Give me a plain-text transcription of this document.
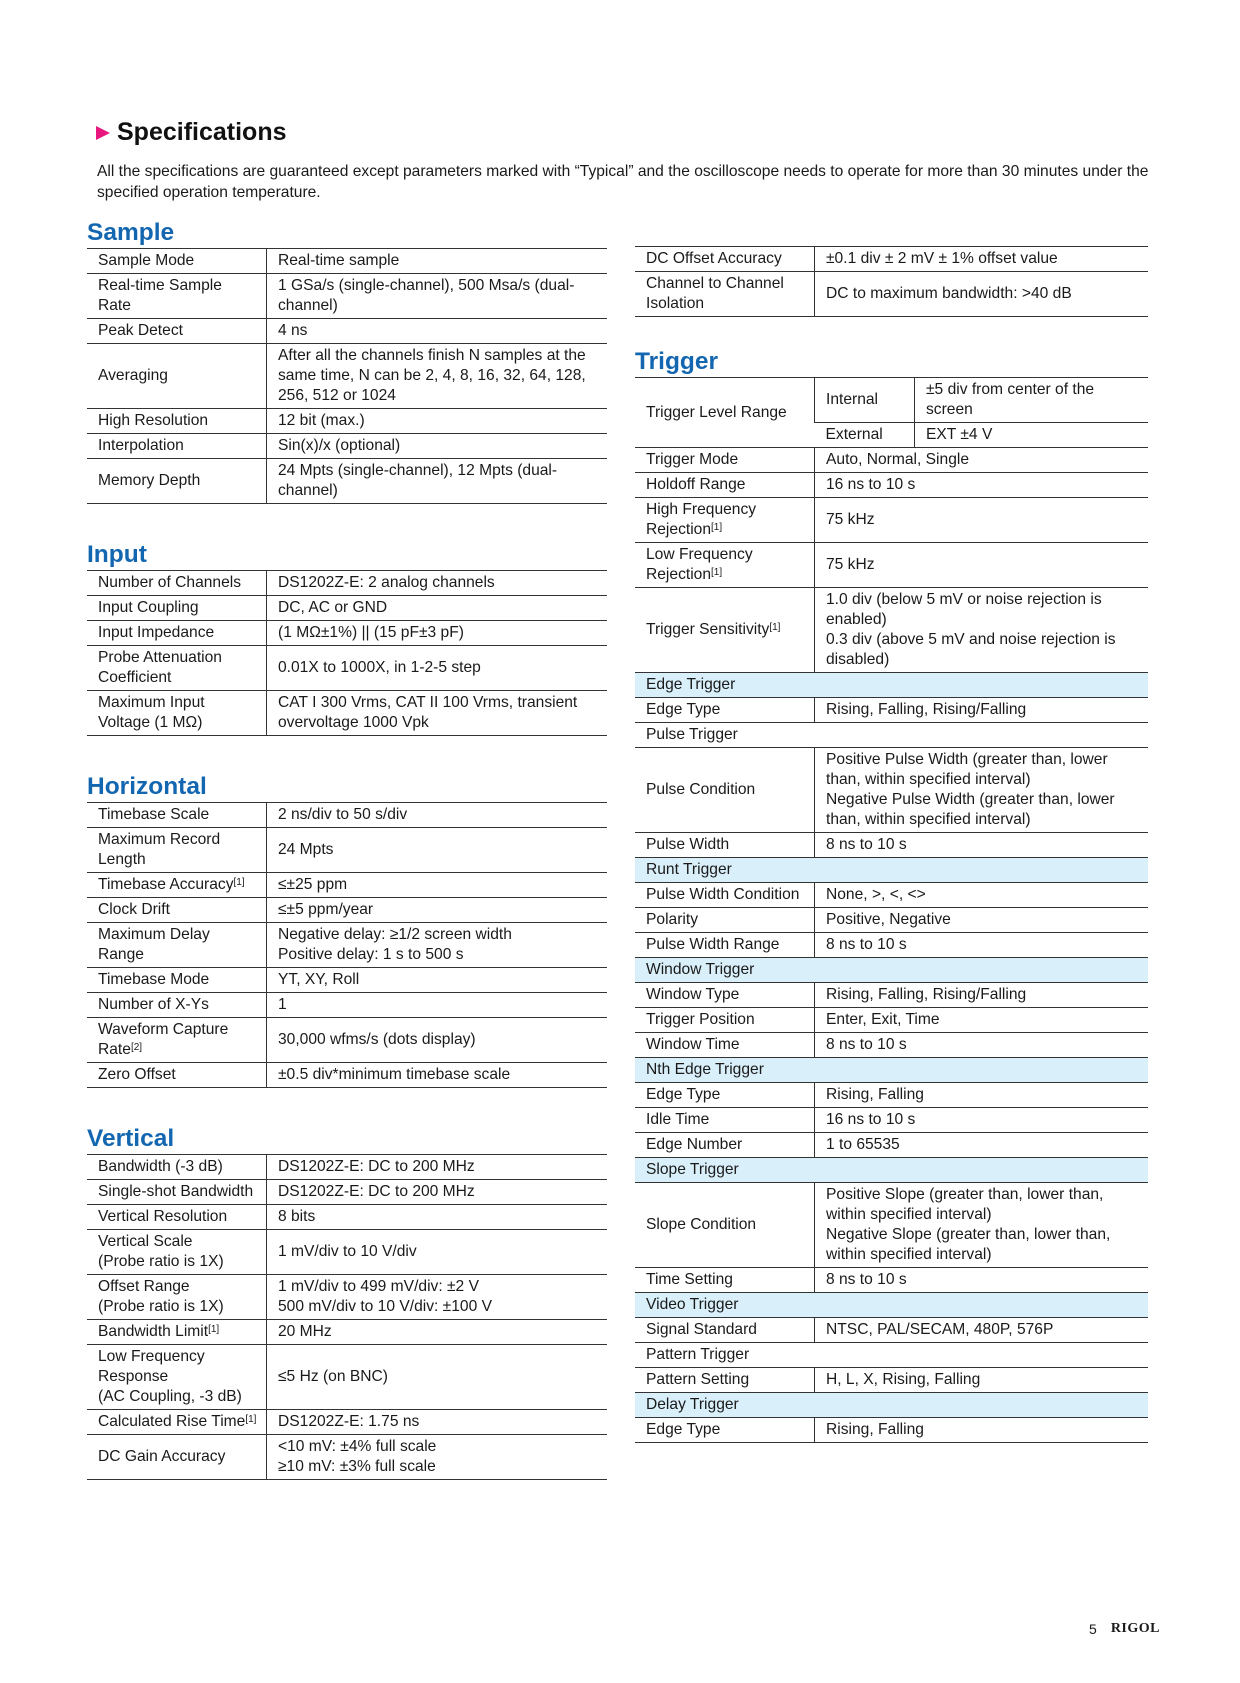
Specifications
All the specifications are guaranteed except parameters marked with “Typical” and the oscilloscope needs to operate for more than 30 minutes under the specified operation temperature.
Sample
Sample Mode	Real-time sample
Real-time Sample Rate	1 GSa/s (single-channel), 500 Msa/s (dual-channel)
Peak Detect	4 ns
Averaging	After all the channels finish N samples at the same time, N can be 2, 4, 8, 16, 32, 64, 128, 256, 512 or 1024
High Resolution	12 bit (max.)
Interpolation	Sin(x)/x (optional)
Memory Depth	24 Mpts (single-channel), 12 Mpts (dual-channel)
Input
Number of Channels	DS1202Z-E: 2 analog channels
Input Coupling	DC, AC or GND
Input Impedance	(1 MΩ±1%) || (15 pF±3 pF)
Probe Attenuation Coefficient	0.01X to 1000X, in 1-2-5 step
Maximum Input Voltage (1 MΩ)	CAT I 300 Vrms, CAT II 100 Vrms, transient overvoltage 1000 Vpk
Horizontal
Timebase Scale	2 ns/div to 50 s/div
Maximum Record Length	24 Mpts
Timebase Accuracy[1]	≤±25 ppm
Clock Drift	≤±5 ppm/year
Maximum Delay Range	Negative delay: ≥1/2 screen width
Positive delay: 1 s to 500 s
Timebase Mode	YT, XY, Roll
Number of X-Ys	1
Waveform Capture Rate[2]	30,000 wfms/s (dots display)
Zero Offset	±0.5 div*minimum timebase scale
Vertical
Bandwidth (-3 dB)	DS1202Z-E: DC to 200 MHz
Single-shot Bandwidth	DS1202Z-E: DC to 200 MHz
Vertical Resolution	8 bits
Vertical Scale
(Probe ratio is 1X)	1 mV/div to 10 V/div
Offset Range
(Probe ratio is 1X)	1 mV/div to 499 mV/div: ±2 V
500 mV/div to 10 V/div: ±100 V
Bandwidth Limit[1]	20 MHz
Low Frequency Response
(AC Coupling, -3 dB)	≤5 Hz (on BNC)
Calculated Rise Time[1]	DS1202Z-E: 1.75 ns
DC Gain Accuracy	<10 mV: ±4% full scale
≥10 mV: ±3% full scale
DC Offset Accuracy	±0.1 div ± 2 mV ± 1% offset value
Channel to Channel Isolation	DC to maximum bandwidth: >40 dB
Trigger
Trigger Level Range	Internal	±5 div from center of the screen
	External	EXT ±4 V
Trigger Mode	Auto, Normal, Single
Holdoff Range	16 ns to 10 s
High Frequency Rejection[1]	75 kHz
Low Frequency Rejection[1]	75 kHz
Trigger Sensitivity[1]	1.0 div (below 5 mV or noise rejection is enabled)
0.3 div (above 5 mV and noise rejection is disabled)
Edge Trigger	
Edge Type	Rising, Falling, Rising/Falling
Pulse Trigger	
Pulse Condition	Positive Pulse Width (greater than, lower than, within specified interval)
Negative Pulse Width (greater than, lower than, within specified interval)
Pulse Width	8 ns to 10 s
Runt Trigger	
Pulse Width Condition	None, >, <, <>
Polarity	Positive, Negative
Pulse Width Range	8 ns to 10 s
Window Trigger	
Window Type	Rising, Falling, Rising/Falling
Trigger Position	Enter, Exit, Time
Window Time	8 ns to 10 s
Nth Edge Trigger	
Edge Type	Rising, Falling
Idle Time	16 ns to 10 s
Edge Number	1 to 65535
Slope Trigger	
Slope Condition	Positive Slope (greater than, lower than, within specified interval)
Negative Slope (greater than, lower than, within specified interval)
Time Setting	8 ns to 10 s
Video Trigger	
Signal Standard	NTSC, PAL/SECAM, 480P, 576P
Pattern Trigger	
Pattern Setting	H, L, X, Rising, Falling
Delay Trigger	
Edge Type	Rising, Falling
5 RIGOL
